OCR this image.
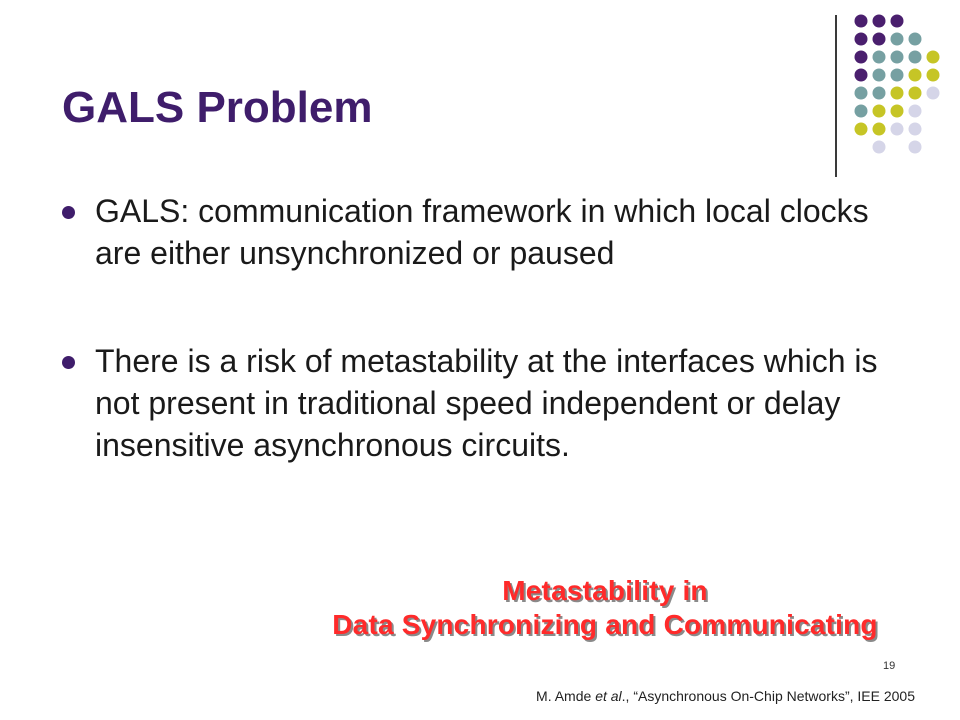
GALS Problem
GALS: communication framework in which local clocks are either unsynchronized or paused
There is a risk of metastability at the interfaces which is not present in traditional speed independent or delay insensitive asynchronous circuits.
Metastability in
Data Synchronizing and Communicating
19
M. Amde et al., “Asynchronous On-Chip Networks”, IEE 2005
